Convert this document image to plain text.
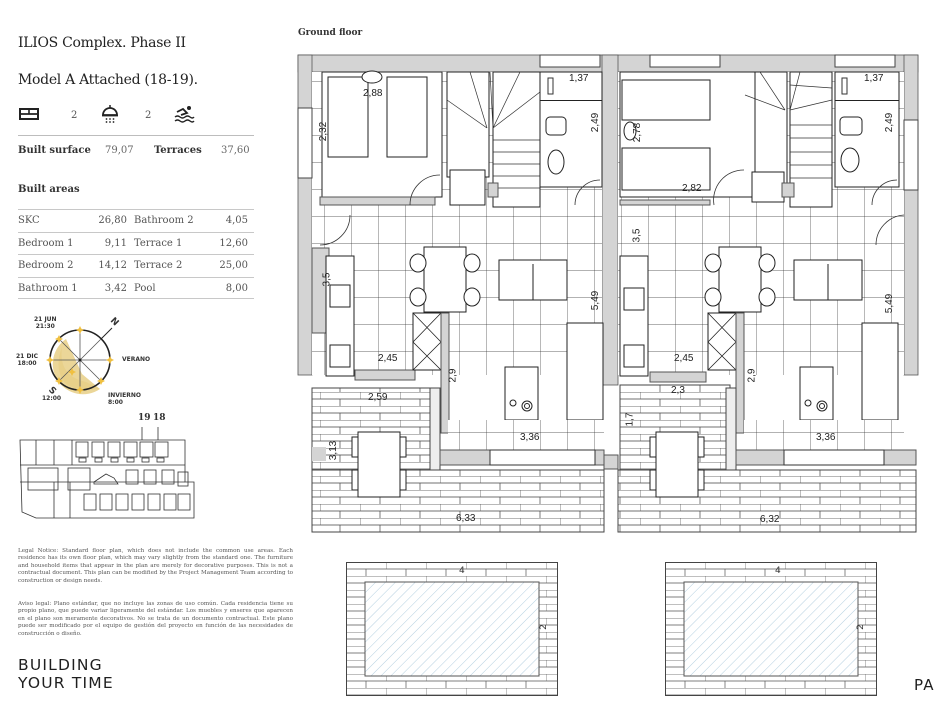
ILIOS Complex. Phase II
Model A Attached (18-19).
2	2
Built surface 79,07 Terraces 37,60
Built areas
SKC	26,80 Bathroom 2	4,05
Bedroom 1	9,11 Terrace 1	12,60
Bedroom 2 14,12 Terrace 2	25,00
Bathroom 1	3,42 Pool	8,00
21 JUN
21:30
21 DIC
18:00
N
VERANO
S
12:00	INVIERNO
8:00
19 18
Legal Notice: Standard floor plan, which does not include the common use areas. Each residence has its own floor plan, which may vary slightly from the standard one. The furniture and household items that appear in the plan are merely for decorative purposes. This is not a contractual document. This plan can be modified by the Project Management Team according to construction or design needs.
Aviso legal: Plano estándar, que no incluye las zonas de uso común. Cada residencia tiene su propio plano, que puede variar ligeramente del estándar. Los muebles y enseres que aparecen en el plano son meramente decorativos. No se trata de un documento contractual. Este plano puede ser modificado por el equipo de gestión del proyecto en función de las necesidades de construcción o diseño.
BUILDING
YOUR TIME	PA
Ground floor
2,88
2,32
1,37
2,49
3,5
2,45
2,9
5,49
2,59
3,13
3,36
6,33
2,78
2,82
1,37
2,49
3,5
2,45
2,9
5,49
2,3
1,7
3,36
6,32
4
2
4
2
